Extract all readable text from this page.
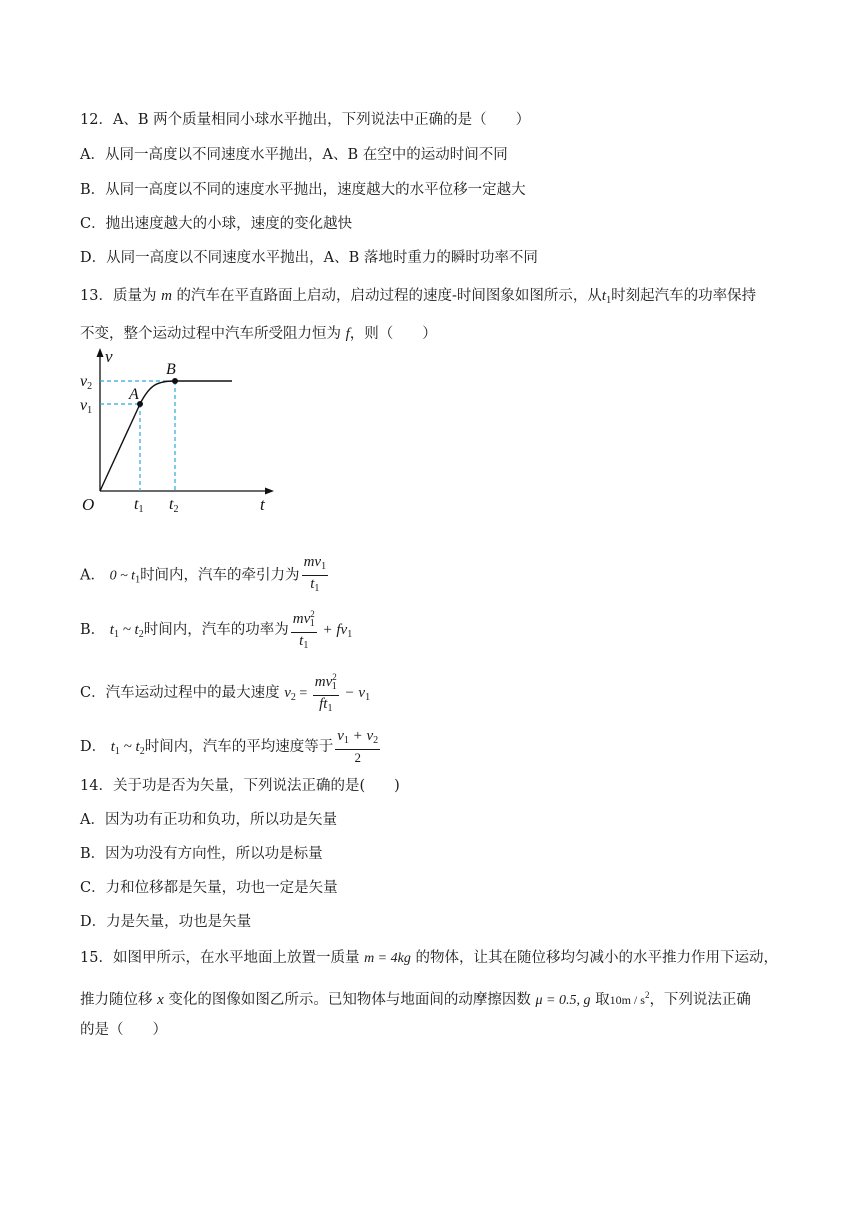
12．A、B 两个质量相同小球水平抛出，下列说法中正确的是（　　）
A．从同一高度以不同速度水平抛出，A、B 在空中的运动时间不同
B．从同一高度以不同的速度水平抛出，速度越大的水平位移一定越大
C．抛出速度越大的小球，速度的变化越快
D．从同一高度以不同速度水平抛出，A、B 落地时重力的瞬时功率不同
13．质量为 m 的汽车在平直路面上启动，启动过程的速度-时间图象如图所示，从$t_1$时刻起汽车的功率保持
不变，整个运动过程中汽车所受阻力恒为 f，则（　　）
v
t
O
A
B
v1
v2
t1 t2
A． 0 ~ $t_1$时间内，汽车的牵引力为 $\frac{mv_1}{t_1}$
B． $t_1$ ~ $t_2$时间内，汽车的功率为 $\frac{mv^2_1}{t_1} + fv_1$
C．汽车运动过程中的最大速度 $v_2 = \frac{mv^2_1}{ft_1} - v_1$
D． $t_1$ ~ $t_2$时间内，汽车的平均速度等于 $\frac{v_1 + v_2}{2}$
14．关于功是否为矢量，下列说法正确的是(　　)
A．因为功有正功和负功，所以功是矢量
B．因为功没有方向性，所以功是标量
C．力和位移都是矢量，功也一定是矢量
D．力是矢量，功也是矢量
15．如图甲所示，在水平地面上放置一质量 m = 4kg 的物体，让其在随位移均匀减小的水平推力作用下运动，
推力随位移 x 变化的图像如图乙所示。已知物体与地面间的动摩擦因数 μ = 0.5, g 取$10m / s^2$，下列说法正确
的是（　　）
